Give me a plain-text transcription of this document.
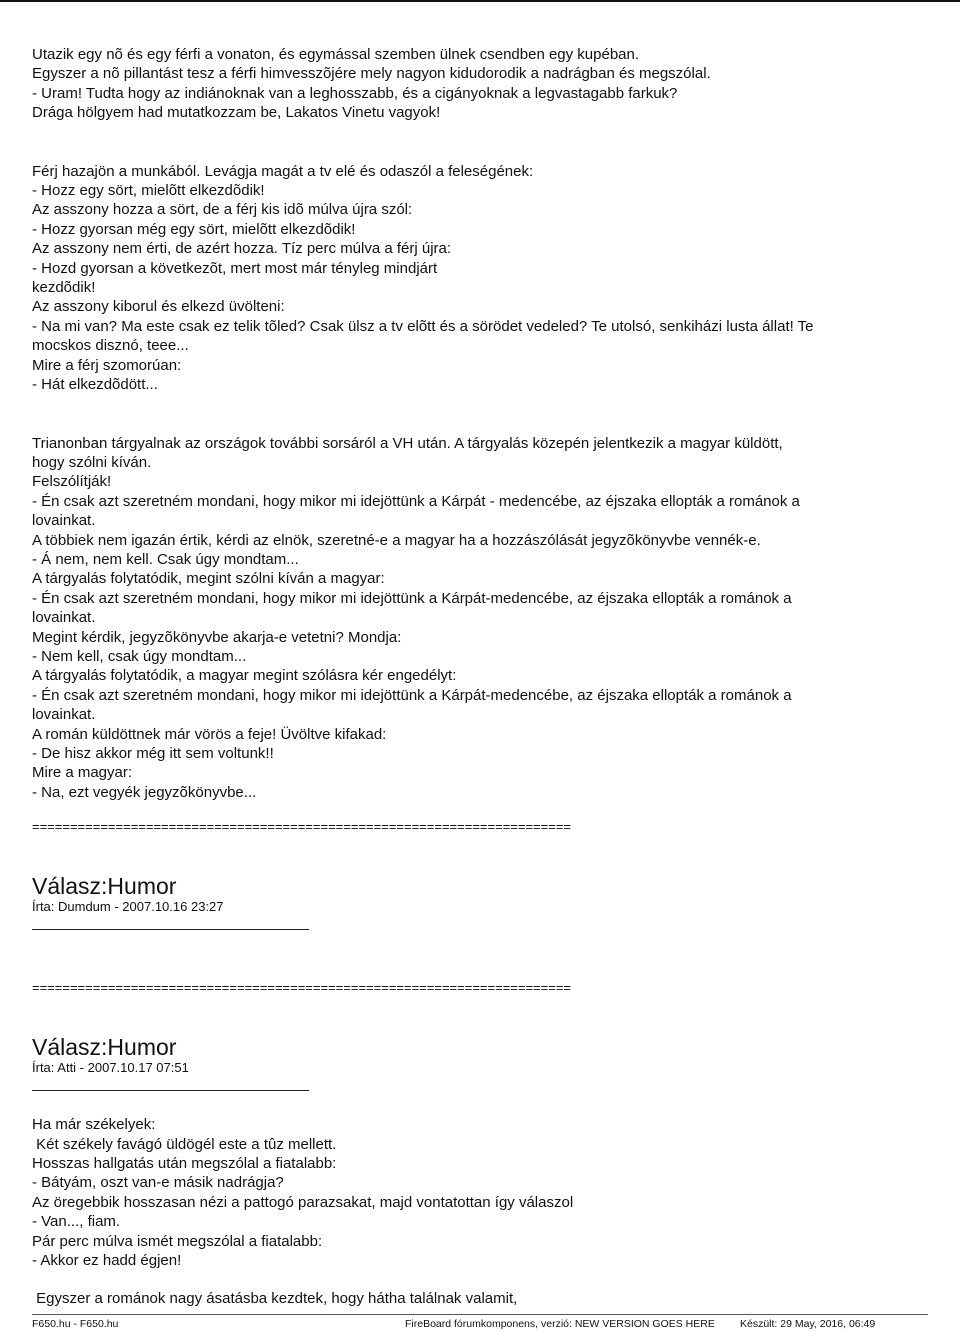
Utazik egy nõ és egy férfi a vonaton, és egymással szemben ülnek csendben egy kupéban.

Egyszer a nõ pillantást tesz a férfi himvesszõjére mely nagyon kidudorodik a nadrágban és megszólal.

- Uram! Tudta hogy az indiánoknak van a leghosszabb, és a cigányoknak a legvastagabb farkuk?

Drága hölgyem had mutatkozzam be, Lakatos Vinetu vagyok!

Férj hazajön a munkából. Levágja magát a tv elé és odaszól a feleségének:

- Hozz egy sört, mielõtt elkezdõdik!

Az asszony hozza a sört, de a férj kis idõ múlva újra szól:

- Hozz gyorsan még egy sört, mielõtt elkezdõdik!

Az asszony nem érti, de azért hozza. Tíz perc múlva a férj újra:

- Hozd gyorsan a következõt, mert most már tényleg mindjárt

kezdõdik!

Az asszony kiborul és elkezd üvölteni:

- Na mi van? Ma este csak ez telik tõled? Csak ülsz a tv elõtt és a sörödet vedeled? Te utolsó, senkiházi lusta állat! Te

mocskos disznó, teee...

Mire a férj szomorúan:

- Hát elkezdõdött...

Trianonban tárgyalnak az országok további sorsáról a VH után. A tárgyalás közepén jelentkezik a magyar küldött,

hogy szólni kíván.

Felszólítják!

- Én csak azt szeretném mondani, hogy mikor mi idejöttünk a Kárpát - medencébe, az éjszaka ellopták a románok a

lovainkat.

A többiek nem igazán értik, kérdi az elnök, szeretné-e a magyar ha a hozzászólását jegyzõkönyvbe vennék-e.

- Á nem, nem kell. Csak úgy mondtam...

A tárgyalás folytatódik, megint szólni kíván a magyar:

- Én csak azt szeretném mondani, hogy mikor mi idejöttünk a Kárpát-medencébe, az éjszaka ellopták a románok a

lovainkat.

Megint kérdik, jegyzõkönyvbe akarja-e vetetni? Mondja:

- Nem kell, csak úgy mondtam...

A tárgyalás folytatódik, a magyar megint szólásra kér engedélyt:

- Én csak azt szeretném mondani, hogy mikor mi idejöttünk a Kárpát-medencébe, az éjszaka ellopták a románok a

lovainkat.

A román küldöttnek már vörös a feje! Üvöltve kifakad:

- De hisz akkor még itt sem voltunk!!

Mire a magyar:

- Na, ezt vegyék jegyzõkönyvbe...

=======================================================================

Válasz:Humor

Írta: Dumdum - 2007.10.16 23:27

=======================================================================

Válasz:Humor

Írta: Atti - 2007.10.17 07:51

Ha már székelyek:

Két székely favágó üldögél este a tûz mellett.

Hosszas hallgatás után megszólal a fiatalabb:

- Bátyám, oszt van-e másik nadrágja?

Az öregebbik hosszasan nézi a pattogó parazsakat, majd vontatottan így válaszol

- Van..., fiam.

Pár perc múlva ismét megszólal a fiatalabb:

- Akkor ez hadd égjen!

Egyszer a románok nagy ásatásba kezdtek, hogy háthа találnak valamit,

F650.hu - F650.hu	FireBoard fórumkomponens, verzió: NEW VERSION GOES HERE Készült: 29 May, 2016, 06:49
